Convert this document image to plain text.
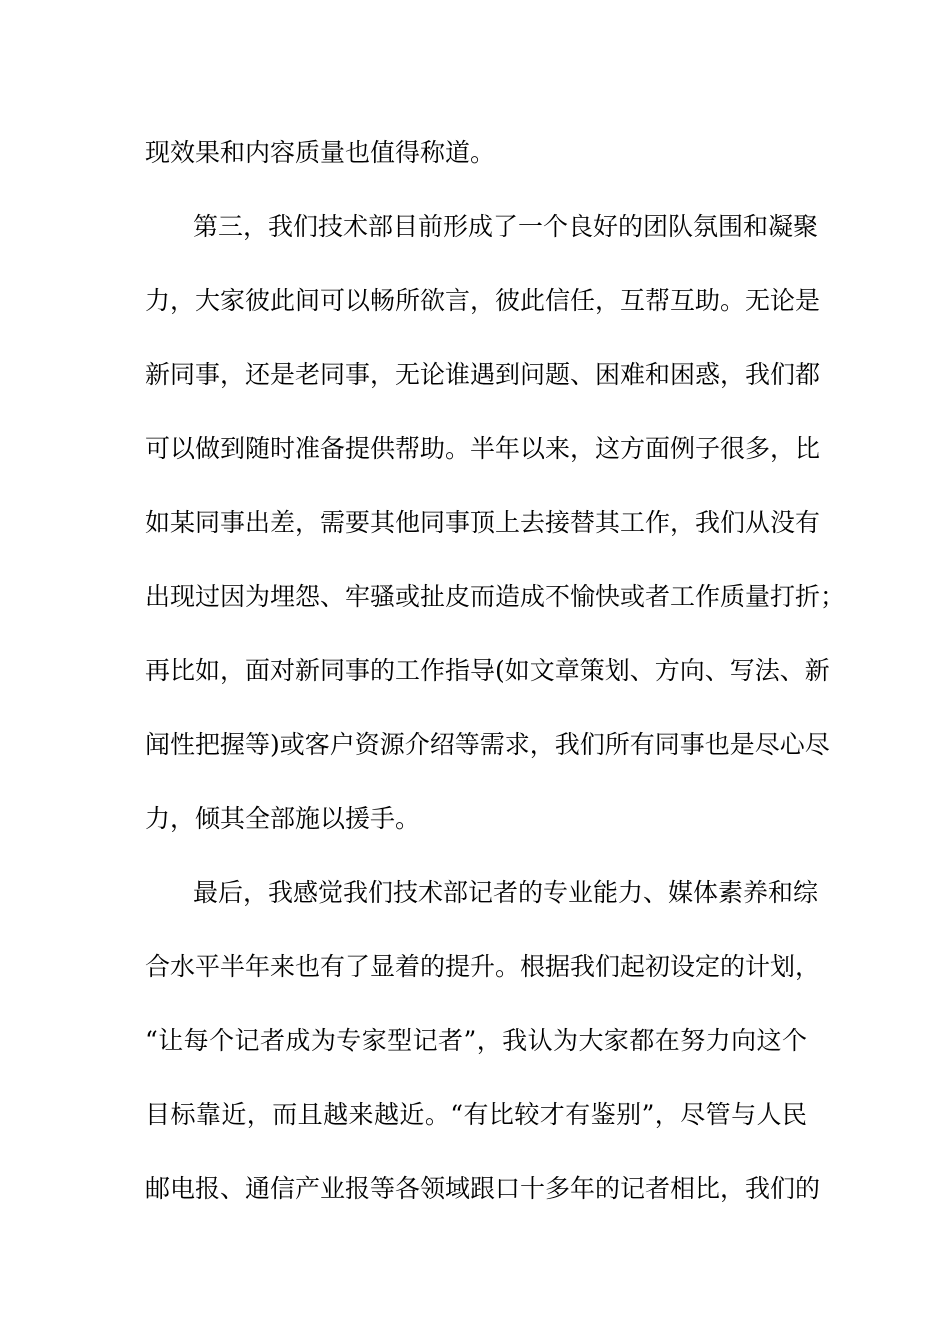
现效果和内容质量也值得称道。
第三，我们技术部目前形成了一个良好的团队氛围和凝聚
力，大家彼此间可以畅所欲言，彼此信任，互帮互助。无论是
新同事，还是老同事，无论谁遇到问题、困难和困惑，我们都
可以做到随时准备提供帮助。半年以来，这方面例子很多，比
如某同事出差，需要其他同事顶上去接替其工作，我们从没有
出现过因为埋怨、牢骚或扯皮而造成不愉快或者工作质量打折；
再比如，面对新同事的工作指导(如文章策划、方向、写法、新
闻性把握等)或客户资源介绍等需求，我们所有同事也是尽心尽
力，倾其全部施以援手。
最后，我感觉我们技术部记者的专业能力、媒体素养和综
合水平半年来也有了显着的提升。根据我们起初设定的计划，
“让每个记者成为专家型记者”，我认为大家都在努力向这个
目标靠近，而且越来越近。“有比较才有鉴别”，尽管与人民
邮电报、通信产业报等各领域跟口十多年的记者相比，我们的
